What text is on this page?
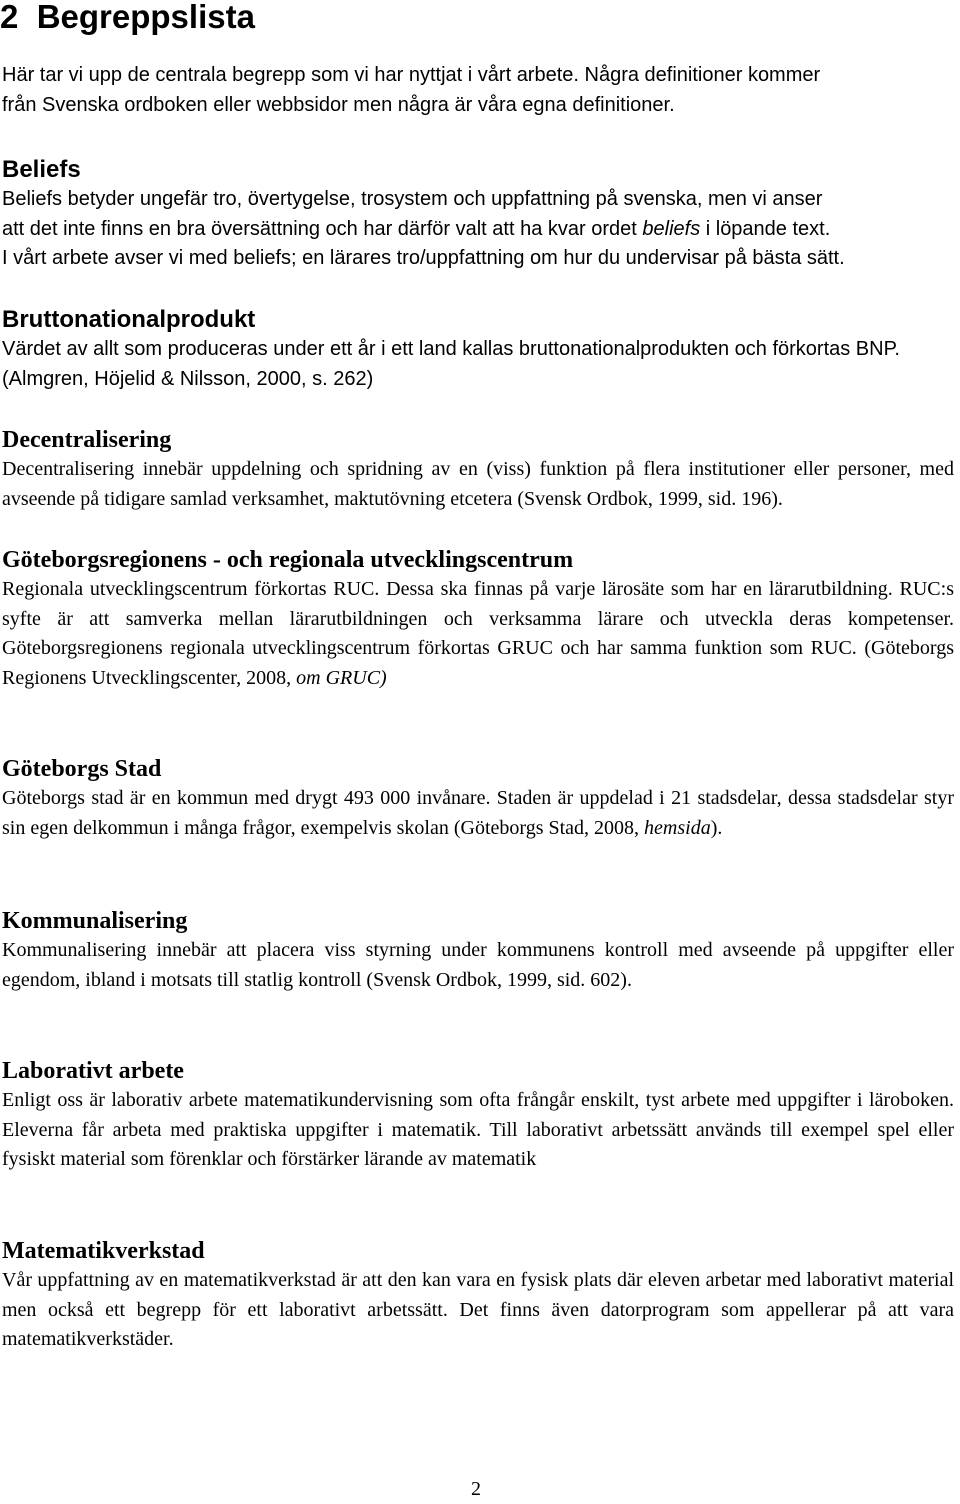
2 Begreppslista

Här tar vi upp de centrala begrepp som vi har nyttjat i vårt arbete. Några definitioner kommer
från Svenska ordboken eller webbsidor men några är våra egna definitioner.

Beliefs

Beliefs betyder ungefär tro, övertygelse, trosystem och uppfattning på svenska, men vi anser
att det inte finns en bra översättning och har därför valt att ha kvar ordet beliefs i löpande text.
I vårt arbete avser vi med beliefs; en lärares tro/uppfattning om hur du undervisar på bästa sätt.

Bruttonationalprodukt

Värdet av allt som produceras under ett år i ett land kallas bruttonationalprodukten och förkortas BNP. (Almgren, Höjelid & Nilsson, 2000, s. 262)

Decentralisering

Decentralisering innebär uppdelning och spridning av en (viss) funktion på flera institutioner eller personer, med avseende på tidigare samlad verksamhet, maktutövning etcetera (Svensk Ordbok, 1999, sid. 196).

Göteborgsregionens - och regionala utvecklingscentrum

Regionala utvecklingscentrum förkortas RUC. Dessa ska finnas på varje lärosäte som har en lärarutbildning. RUC:s syfte är att samverka mellan lärarutbildningen och verksamma lärare och utveckla deras kompetenser. Göteborgsregionens regionala utvecklingscentrum förkortas GRUC och har samma funktion som RUC. (Göteborgs Regionens Utvecklingscenter, 2008, om GRUC)

Göteborgs Stad

Göteborgs stad är en kommun med drygt 493 000 invånare. Staden är uppdelad i 21 stadsdelar, dessa stadsdelar styr sin egen delkommun i många frågor, exempelvis skolan (Göteborgs Stad, 2008, hemsida).

Kommunalisering

Kommunalisering innebär att placera viss styrning under kommunens kontroll med avseende på uppgifter eller egendom, ibland i motsats till statlig kontroll (Svensk Ordbok, 1999, sid. 602).

Laborativt arbete

Enligt oss är laborativ arbete matematikundervisning som ofta frångår enskilt, tyst arbete med uppgifter i läroboken. Eleverna får arbeta med praktiska uppgifter i matematik. Till laborativt arbetssätt används till exempel spel eller fysiskt material som förenklar och förstärker lärande av matematik

Matematikverkstad

Vår uppfattning av en matematikverkstad är att den kan vara en fysisk plats där eleven arbetar med laborativt material men också ett begrepp för ett laborativt arbetssätt. Det finns även datorprogram som appellerar på att vara matematikverkstäder.

2
